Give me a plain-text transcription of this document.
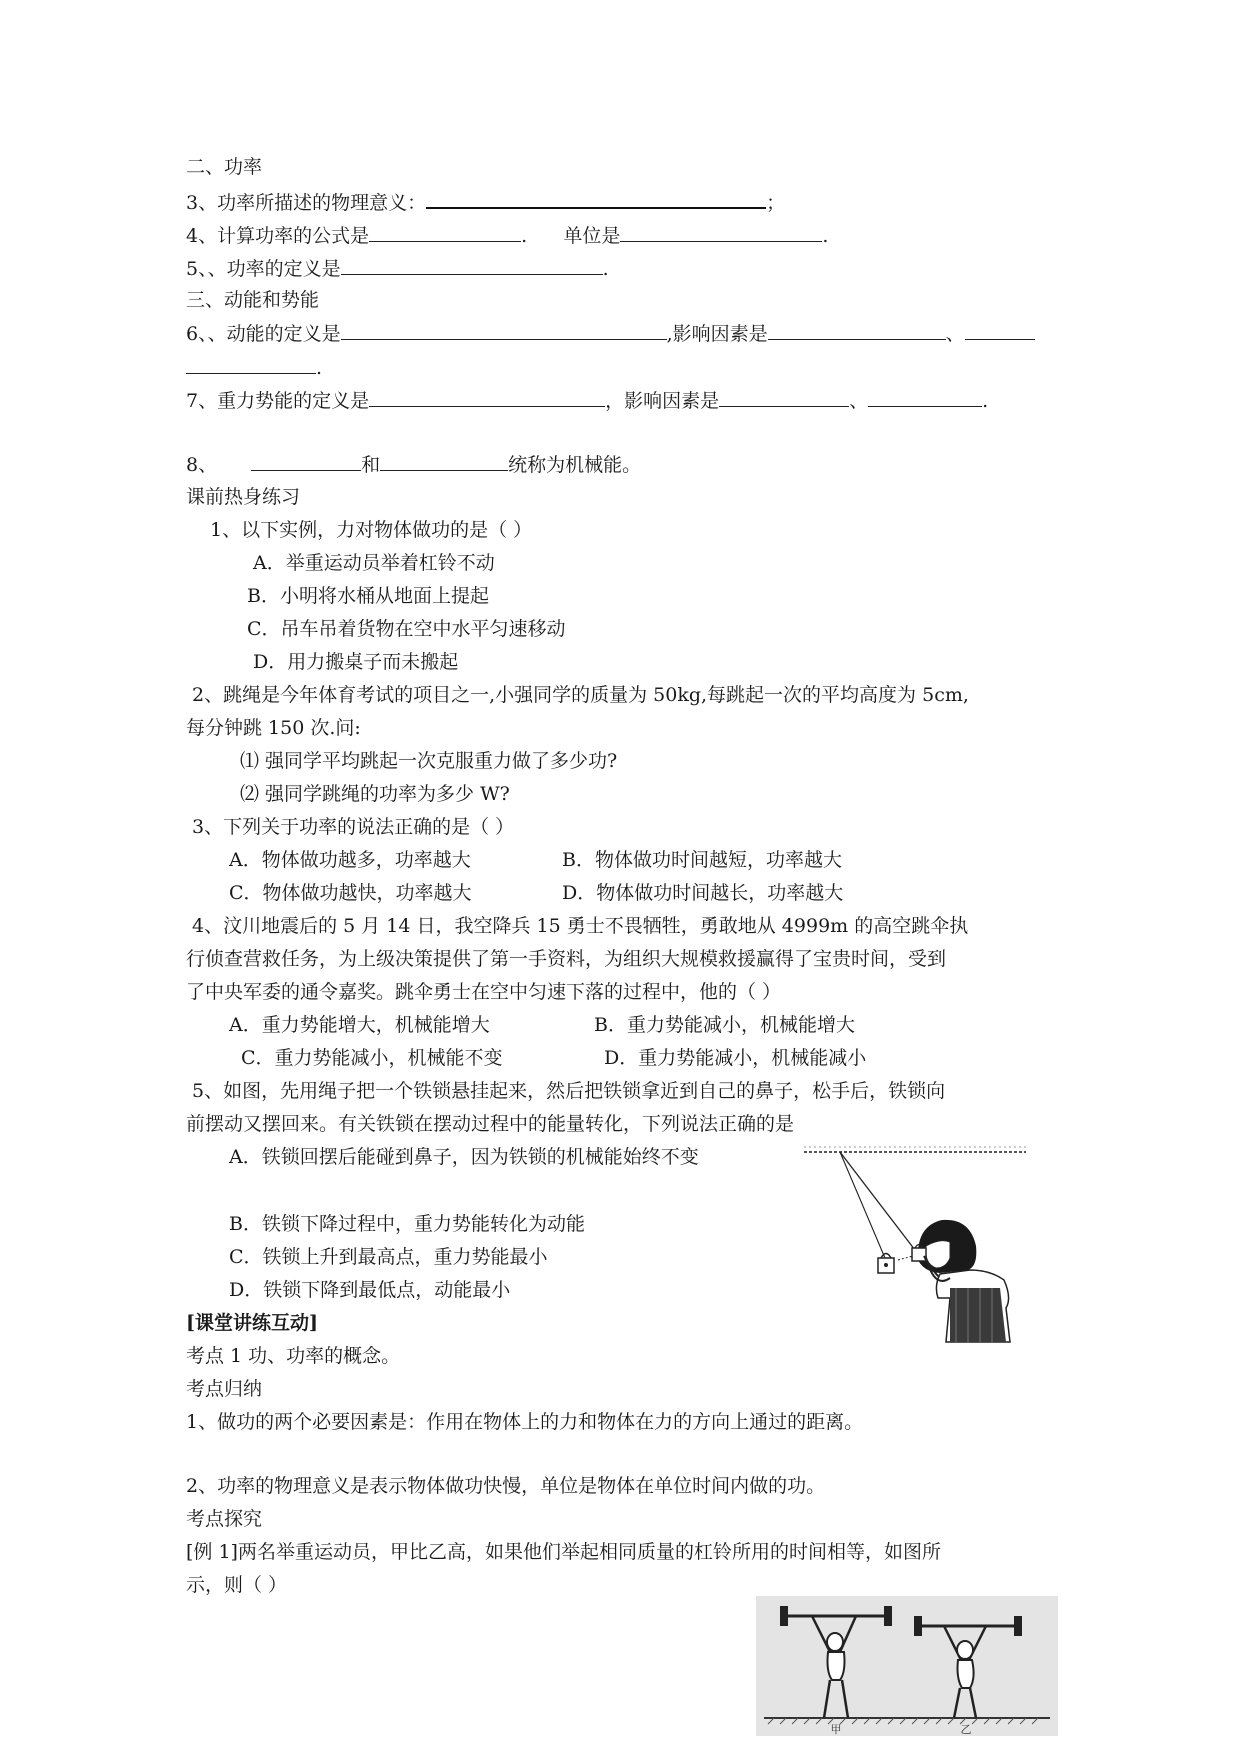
二、功率
3、功率所描述的物理意义：	；
4、计算功率的公式是	.      单位是	.
5、、功率的定义是	.
三、动能和势能
6、、动能的定义是	,影响因素是	、
.
7、重力势能的定义是	，影响因素是	、	.
8、	和	统称为机械能。
课前热身练习
1、以下实例，力对物体做功的是（ ）
A．举重运动员举着杠铃不动
B．小明将水桶从地面上提起
C．吊车吊着货物在空中水平匀速移动
D．用力搬桌子而未搬起
2、跳绳是今年体育考试的项目之一,小强同学的质量为 50kg,每跳起一次的平均高度为 5cm,
每分钟跳 150 次.问:
⑴ 强同学平均跳起一次克服重力做了多少功?
⑵ 强同学跳绳的功率为多少 W?
3、下列关于功率的说法正确的是（ ）
A．物体做功越多，功率越大	B．物体做功时间越短，功率越大
C．物体做功越快，功率越大	D．物体做功时间越长，功率越大
4、汶川地震后的 5 月 14 日，我空降兵 15 勇士不畏牺牲，勇敢地从 4999m 的高空跳伞执
行侦查营救任务，为上级决策提供了第一手资料，为组织大规模救援赢得了宝贵时间，受到
了中央军委的通令嘉奖。跳伞勇士在空中匀速下落的过程中，他的（ ）
A．重力势能增大，机械能增大	B．重力势能减小，机械能增大
C．重力势能减小，机械能不变	D．重力势能减小，机械能减小
5、如图，先用绳子把一个铁锁悬挂起来，然后把铁锁拿近到自己的鼻子，松手后，铁锁向
前摆动又摆回来。有关铁锁在摆动过程中的能量转化，下列说法正确的是
A．铁锁回摆后能碰到鼻子，因为铁锁的机械能始终不变
B．铁锁下降过程中，重力势能转化为动能
C．铁锁上升到最高点，重力势能最小
D．铁锁下降到最低点，动能最小
[课堂讲练互动]
考点 1 功、功率的概念。
考点归纳
1、做功的两个必要因素是：作用在物体上的力和物体在力的方向上通过的距离。
2、功率的物理意义是表示物体做功快慢，单位是物体在单位时间内做的功。
考点探究
[例 1]两名举重运动员，甲比乙高，如果他们举起相同质量的杠铃所用的时间相等，如图所
示，则（ ）
甲	乙
